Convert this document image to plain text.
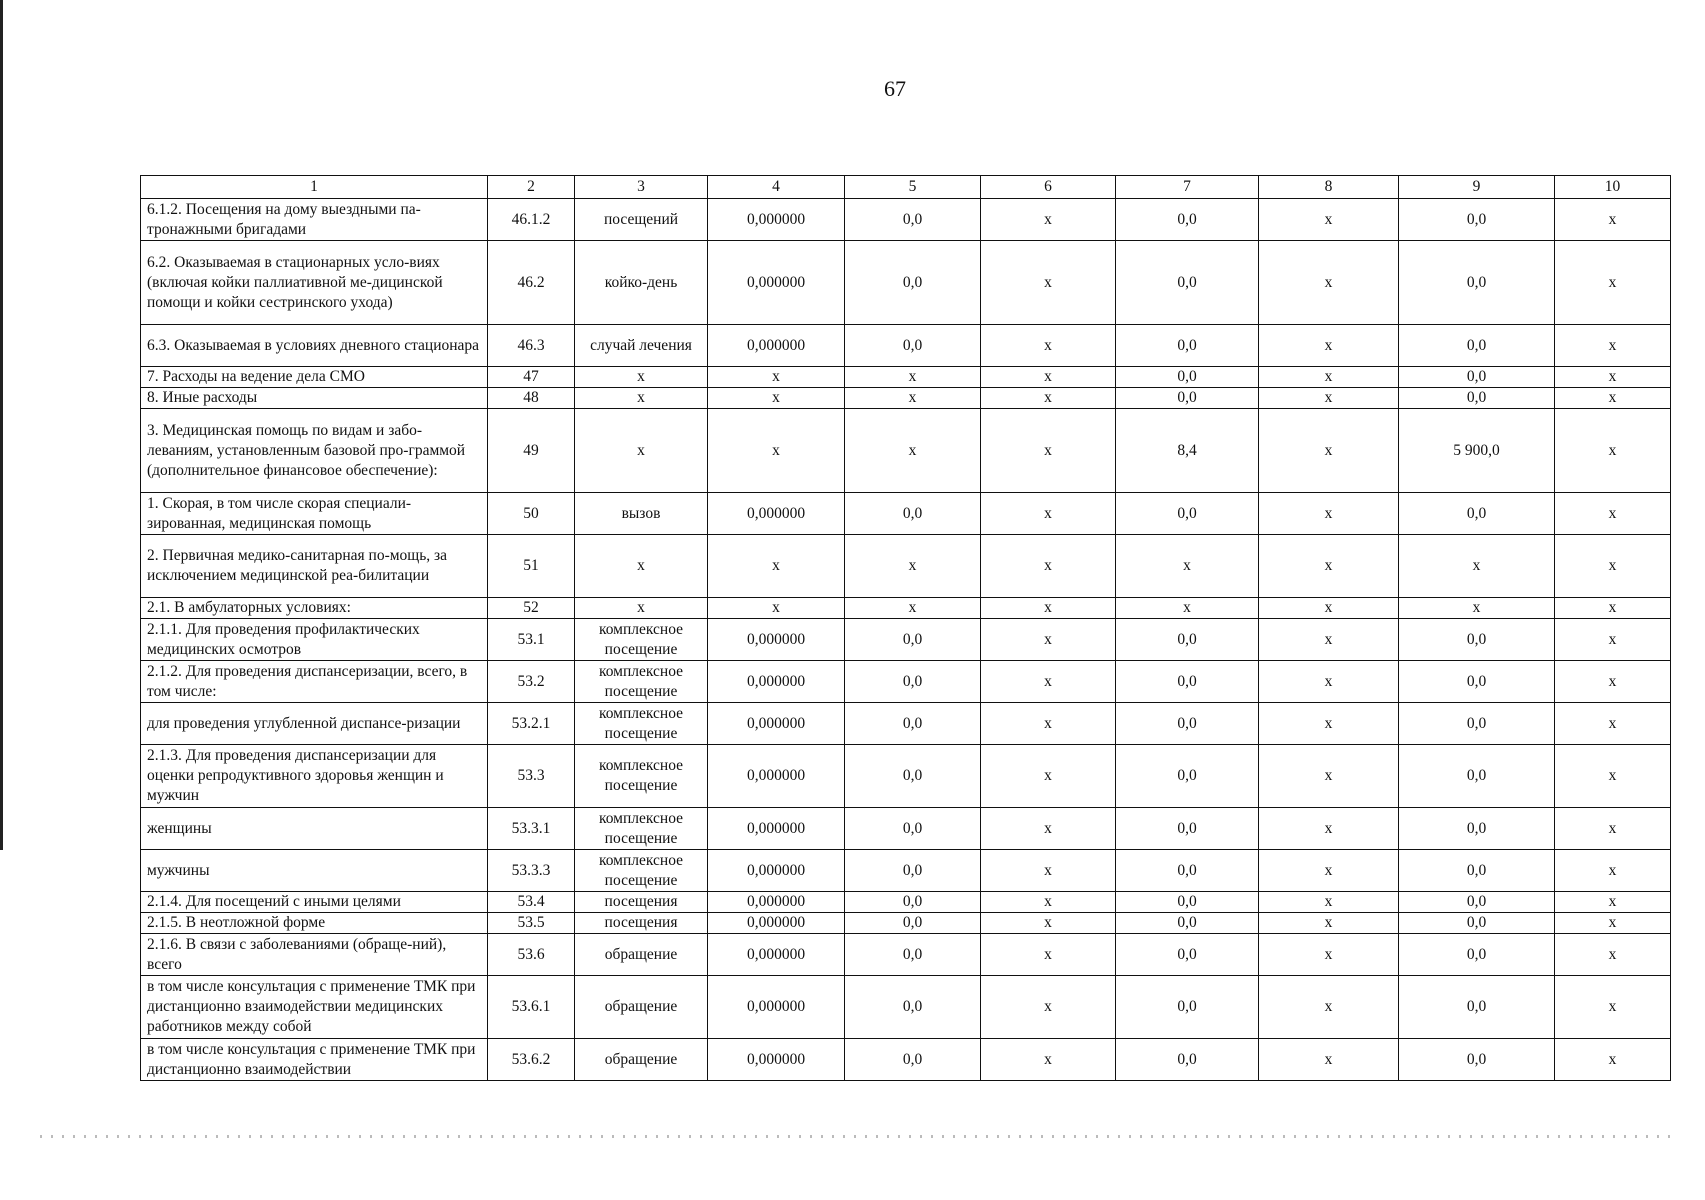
67
1	2	3	4	5	6	7	8	9	10
6.1.2. Посещения на дому выездными па-тронажными бригадами	46.1.2	посещений	0,000000	0,0	х	0,0	х	0,0	х
6.2. Оказываемая в стационарных усло-виях (включая койки паллиативной ме-дицинской помощи и койки сестринского ухода)	46.2	койко-день	0,000000	0,0	х	0,0	х	0,0	х
6.3. Оказываемая в условиях дневного стационара	46.3	случай лечения	0,000000	0,0	х	0,0	х	0,0	х
7. Расходы на ведение дела СМО	47	х	х	х	х	0,0	х	0,0	х
8. Иные расходы	48	х	х	х	х	0,0	х	0,0	х
3. Медицинская помощь по видам и забо-леваниям, установленным базовой про-граммой (дополнительное финансовое обеспечение):	49	х	х	х	х	8,4	х	5 900,0	х
1. Скорая, в том числе скорая специали-зированная, медицинская помощь	50	вызов	0,000000	0,0	х	0,0	х	0,0	х
2. Первичная медико-санитарная по-мощь, за исключением медицинской реа-билитации	51	х	х	х	х	х	х	х	х
2.1. В амбулаторных условиях:	52	х	х	х	х	х	х	х	х
2.1.1. Для проведения профилактических медицинских осмотров	53.1	комплексное посещение	0,000000	0,0	х	0,0	х	0,0	х
2.1.2. Для проведения диспансеризации, всего, в том числе:	53.2	комплексное посещение	0,000000	0,0	х	0,0	х	0,0	х
для проведения углубленной диспансе-ризации	53.2.1	комплексное посещение	0,000000	0,0	х	0,0	х	0,0	х
2.1.3. Для проведения диспансеризации для оценки репродуктивного здоровья женщин и мужчин	53.3	комплексное посещение	0,000000	0,0	х	0,0	х	0,0	х
женщины	53.3.1	комплексное посещение	0,000000	0,0	х	0,0	х	0,0	х
мужчины	53.3.3	комплексное посещение	0,000000	0,0	х	0,0	х	0,0	х
2.1.4. Для посещений с иными целями	53.4	посещения	0,000000	0,0	х	0,0	х	0,0	х
2.1.5. В неотложной форме	53.5	посещения	0,000000	0,0	х	0,0	х	0,0	х
2.1.6. В связи с заболеваниями (обраще-ний), всего	53.6	обращение	0,000000	0,0	х	0,0	х	0,0	х
в том числе консультация с применение ТМК при дистанционно взаимодействии медицинских работников между собой	53.6.1	обращение	0,000000	0,0	х	0,0	х	0,0	х
в том числе консультация с применение ТМК при дистанционно взаимодействии	53.6.2	обращение	0,000000	0,0	х	0,0	х	0,0	х
